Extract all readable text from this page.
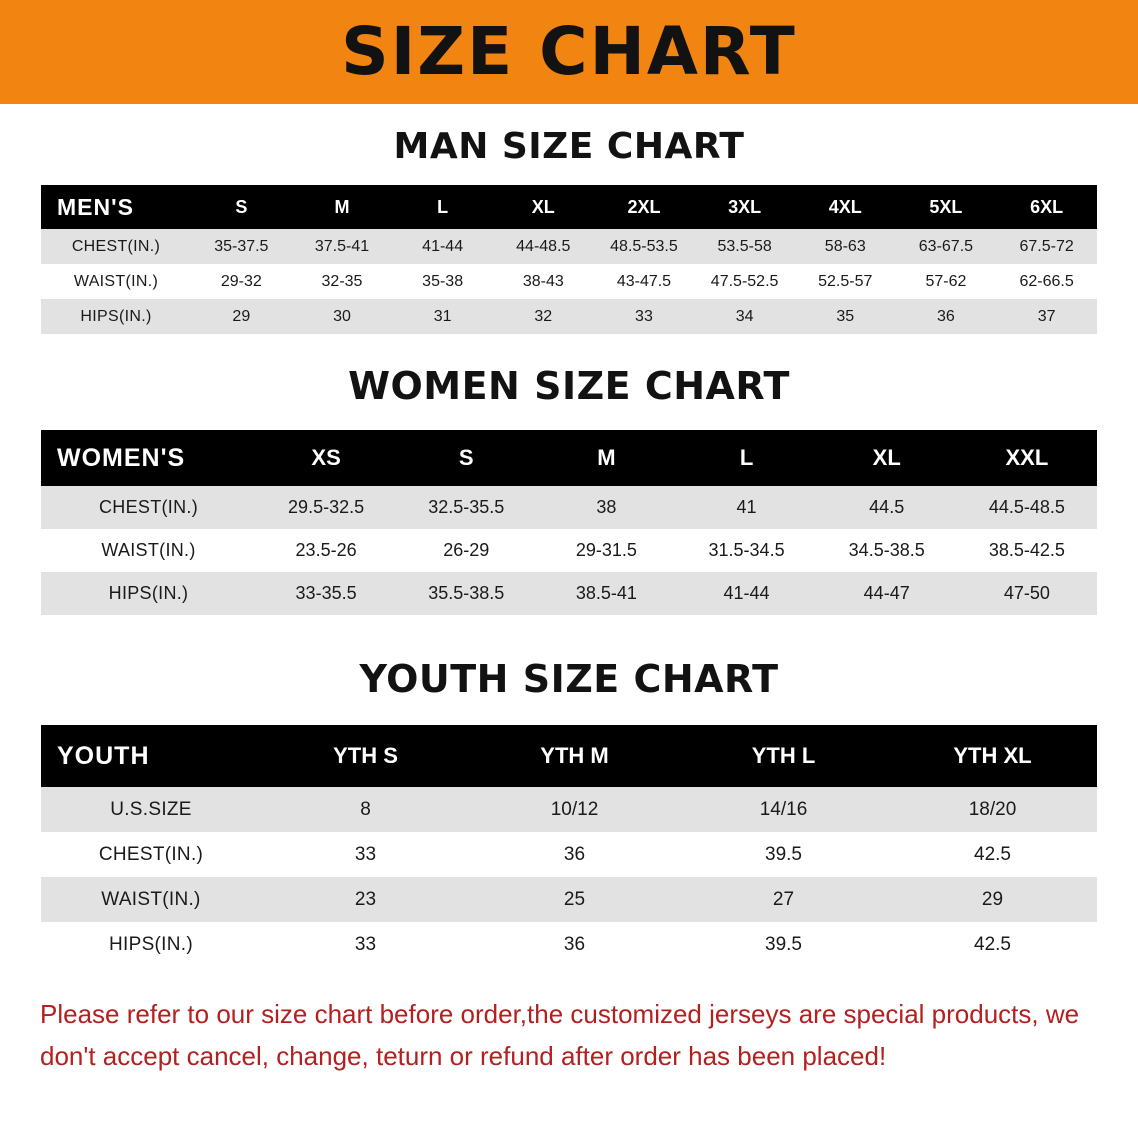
SIZE CHART
MAN SIZE CHART
MEN'S	S	M	L	XL	2XL	3XL	4XL	5XL	6XL
CHEST(IN.)	35-37.5	37.5-41	41-44	44-48.5	48.5-53.5	53.5-58	58-63	63-67.5	67.5-72
WAIST(IN.)	29-32	32-35	35-38	38-43	43-47.5	47.5-52.5	52.5-57	57-62	62-66.5
HIPS(IN.)	29	30	31	32	33	34	35	36	37
WOMEN SIZE CHART
WOMEN'S	XS	S	M	L	XL	XXL
CHEST(IN.)	29.5-32.5	32.5-35.5	38	41	44.5	44.5-48.5
WAIST(IN.)	23.5-26	26-29	29-31.5	31.5-34.5	34.5-38.5	38.5-42.5
HIPS(IN.)	33-35.5	35.5-38.5	38.5-41	41-44	44-47	47-50
YOUTH SIZE CHART
YOUTH	YTH S	YTH M	YTH L	YTH XL
U.S.SIZE	8	10/12	14/16	18/20
CHEST(IN.)	33	36	39.5	42.5
WAIST(IN.)	23	25	27	29
HIPS(IN.)	33	36	39.5	42.5
Please refer to our size chart before order,the customized jerseys are special products, we don't accept cancel, change, teturn or refund after order has been placed!
